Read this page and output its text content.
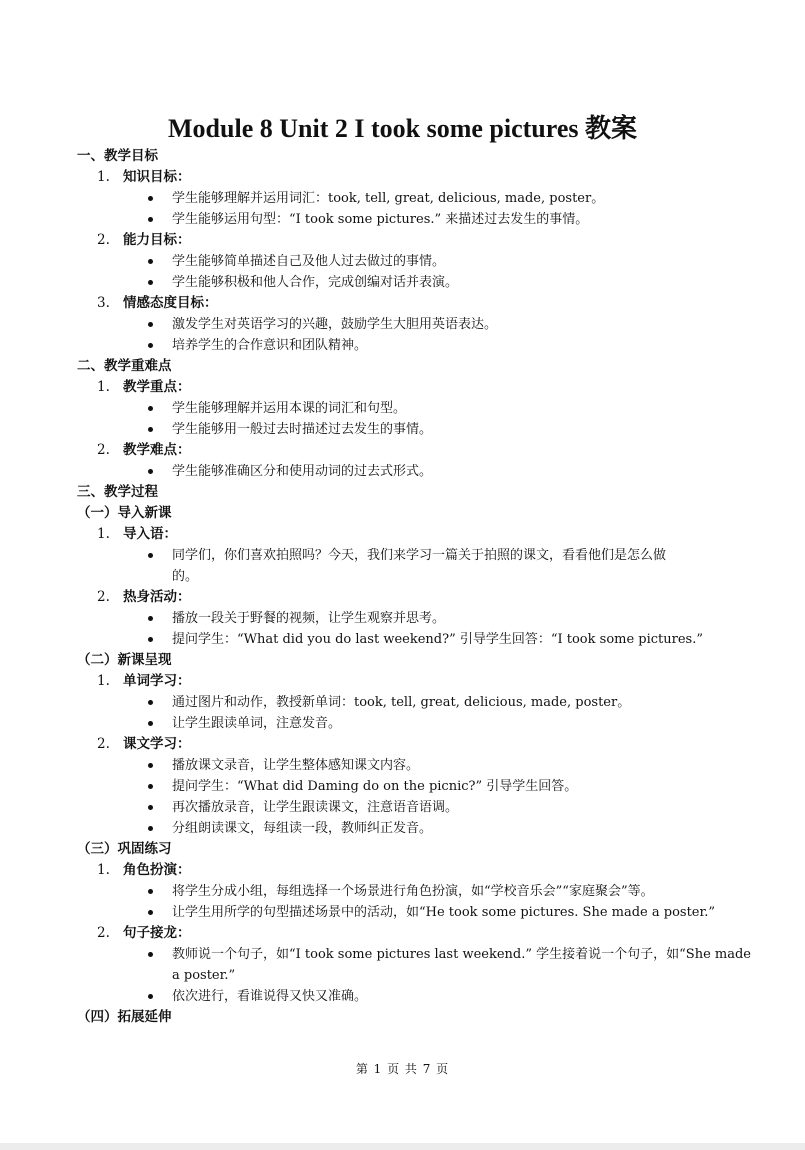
Module 8 Unit 2 I took some pictures 教案
一、教学目标
1. 知识目标：
学生能够理解并运用词汇：took, tell, great, delicious, made, poster。
学生能够运用句型：“I took some pictures.” 来描述过去发生的事情。
2. 能力目标：
学生能够简单描述自己及他人过去做过的事情。
学生能够积极和他人合作，完成创编对话并表演。
3. 情感态度目标：
激发学生对英语学习的兴趣，鼓励学生大胆用英语表达。
培养学生的合作意识和团队精神。
二、教学重难点
1. 教学重点：
学生能够理解并运用本课的词汇和句型。
学生能够用一般过去时描述过去发生的事情。
2. 教学难点：
学生能够准确区分和使用动词的过去式形式。
三、教学过程
（一）导入新课
1. 导入语：
同学们，你们喜欢拍照吗？今天，我们来学习一篇关于拍照的课文，看看他们是怎么做
的。
2. 热身活动：
播放一段关于野餐的视频，让学生观察并思考。
提问学生：“What did you do last weekend?” 引导学生回答：“I took some pictures.”
（二）新课呈现
1. 单词学习：
通过图片和动作，教授新单词：took, tell, great, delicious, made, poster。
让学生跟读单词，注意发音。
2. 课文学习：
播放课文录音，让学生整体感知课文内容。
提问学生：“What did Daming do on the picnic?” 引导学生回答。
再次播放录音，让学生跟读课文，注意语音语调。
分组朗读课文，每组读一段，教师纠正发音。
（三）巩固练习
1. 角色扮演：
将学生分成小组，每组选择一个场景进行角色扮演，如“学校音乐会”“家庭聚会”等。
让学生用所学的句型描述场景中的活动，如“He took some pictures. She made a poster.”
2. 句子接龙：
教师说一个句子，如“I took some pictures last weekend.” 学生接着说一个句子，如“She made
a poster.”
依次进行，看谁说得又快又准确。
（四）拓展延伸
第 1 页 共 7 页
